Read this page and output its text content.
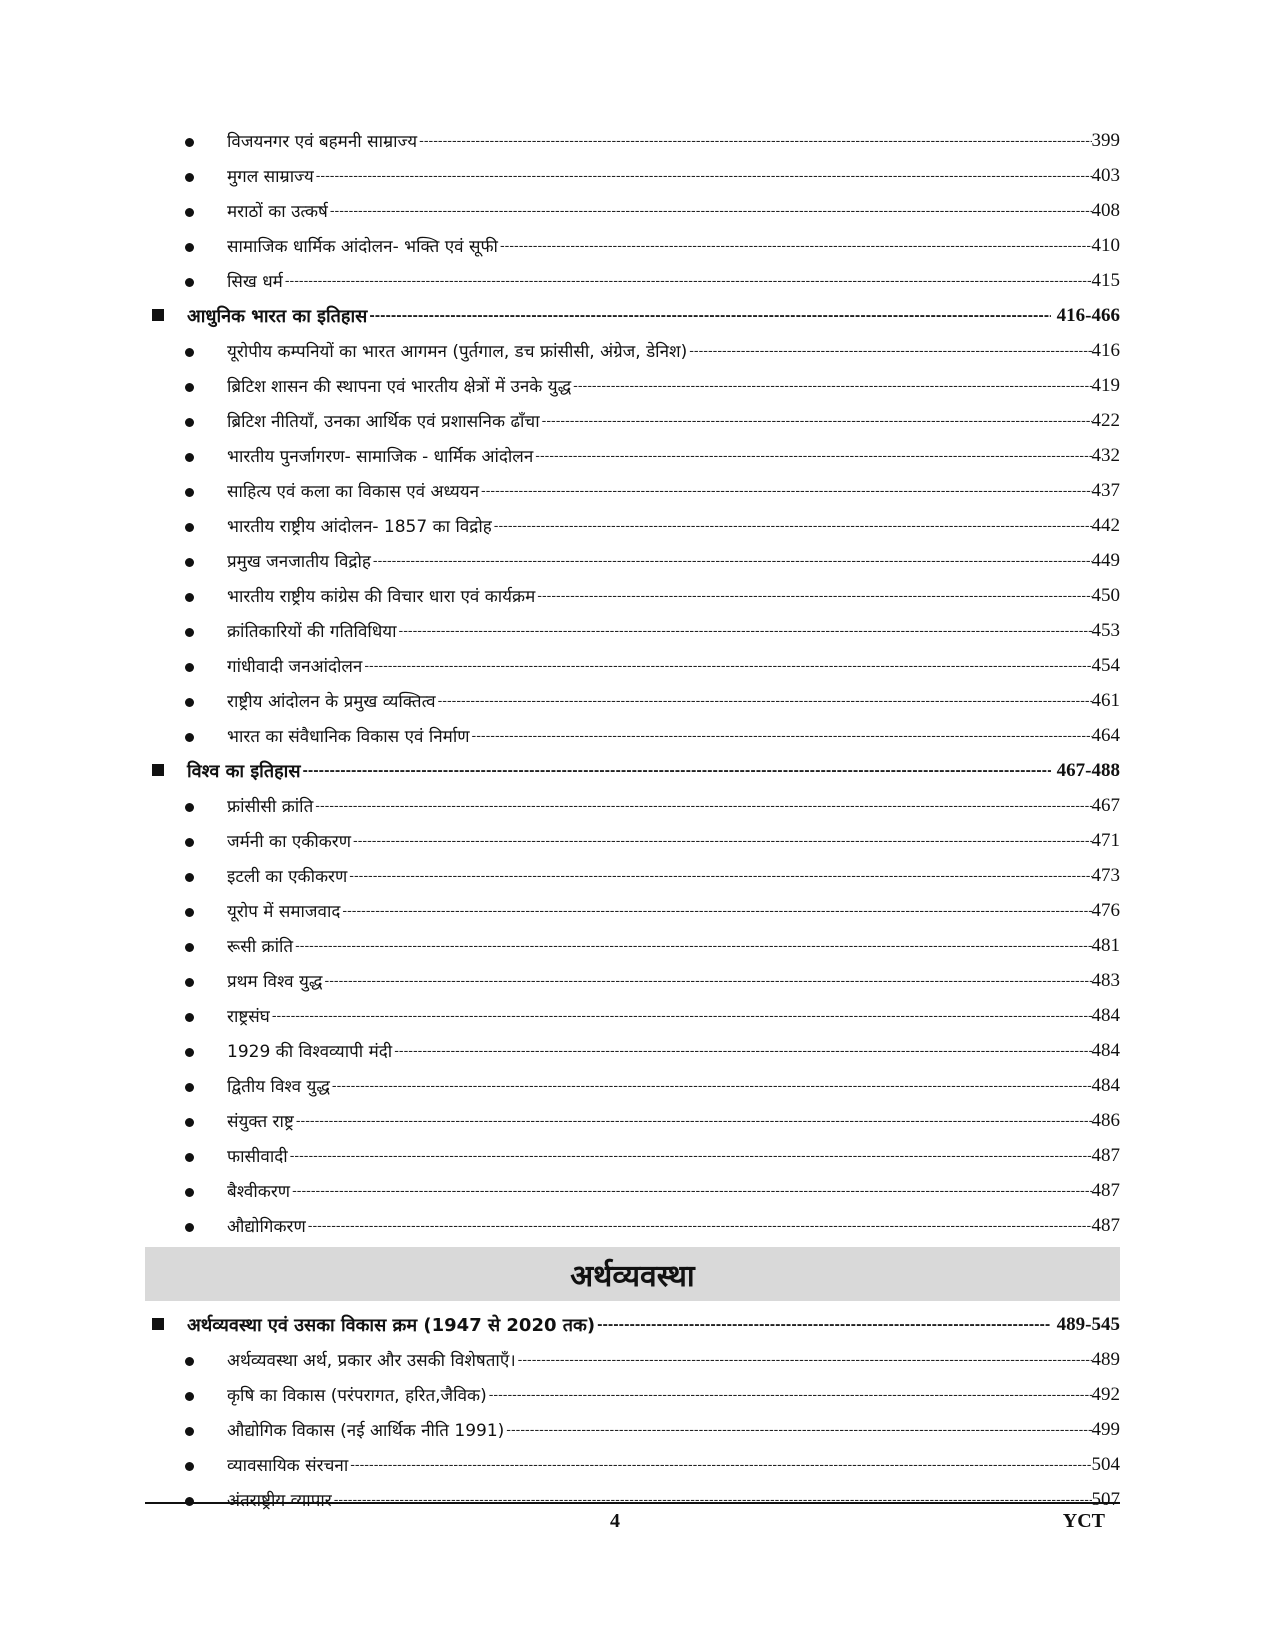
विजयनगर एवं बहमनी साम्राज्य -----	399
मुगल साम्राज्य -----	403
मराठों का उत्कर्ष -----	408
सामाजिक धार्मिक आंदोलन- भक्ति एवं सूफी -----	410
सिख धर्म -----	415
आधुनिक भारत का इतिहास -----	416-466
यूरोपीय कम्पनियों का भारत आगमन (पुर्तगाल, डच फ्रांसीसी, अंग्रेज, डेनिश) -----	416
ब्रिटिश शासन की स्थापना एवं भारतीय क्षेत्रों में उनके युद्ध -----	419
ब्रिटिश नीतियाँ, उनका आर्थिक एवं प्रशासनिक ढाँचा -----	422
भारतीय पुनर्जागरण- सामाजिक - धार्मिक आंदोलन -----	432
साहित्य एवं कला का विकास एवं अध्ययन -----	437
भारतीय राष्ट्रीय आंदोलन- 1857 का विद्रोह -----	442
प्रमुख जनजातीय विद्रोह -----	449
भारतीय राष्ट्रीय कांग्रेस की विचार धारा एवं कार्यक्रम -----	450
क्रांतिकारियों की गतिविधिया -----	453
गांधीवादी जनआंदोलन -----	454
राष्ट्रीय आंदोलन के प्रमुख व्यक्तित्व -----	461
भारत का संवैधानिक विकास एवं निर्माण -----	464
विश्व का इतिहास -----	467-488
फ्रांसीसी क्रांति -----	467
जर्मनी का एकीकरण -----	471
इटली का एकीकरण -----	473
यूरोप में समाजवाद -----	476
रूसी क्रांति -----	481
प्रथम विश्व युद्ध -----	483
राष्ट्रसंघ -----	484
1929 की विश्वव्यापी मंदी -----	484
द्वितीय विश्व युद्ध -----	484
संयुक्त राष्ट्र -----	486
फासीवादी -----	487
बैश्वीकरण -----	487
औद्योगिकरण -----	487
अर्थव्यवस्था
अर्थव्यवस्था एवं उसका विकास क्रम (1947 से 2020 तक) -----	489-545
अर्थव्यवस्था अर्थ, प्रकार और उसकी विशेषताएँ। -----	489
कृषि का विकास (परंपरागत, हरित,जैविक) -----	492
औद्योगिक विकास (नई आर्थिक नीति 1991) -----	499
व्यावसायिक संरचना -----	504
अंतराष्ट्रीय व्यापार -----	507
4	YCT
